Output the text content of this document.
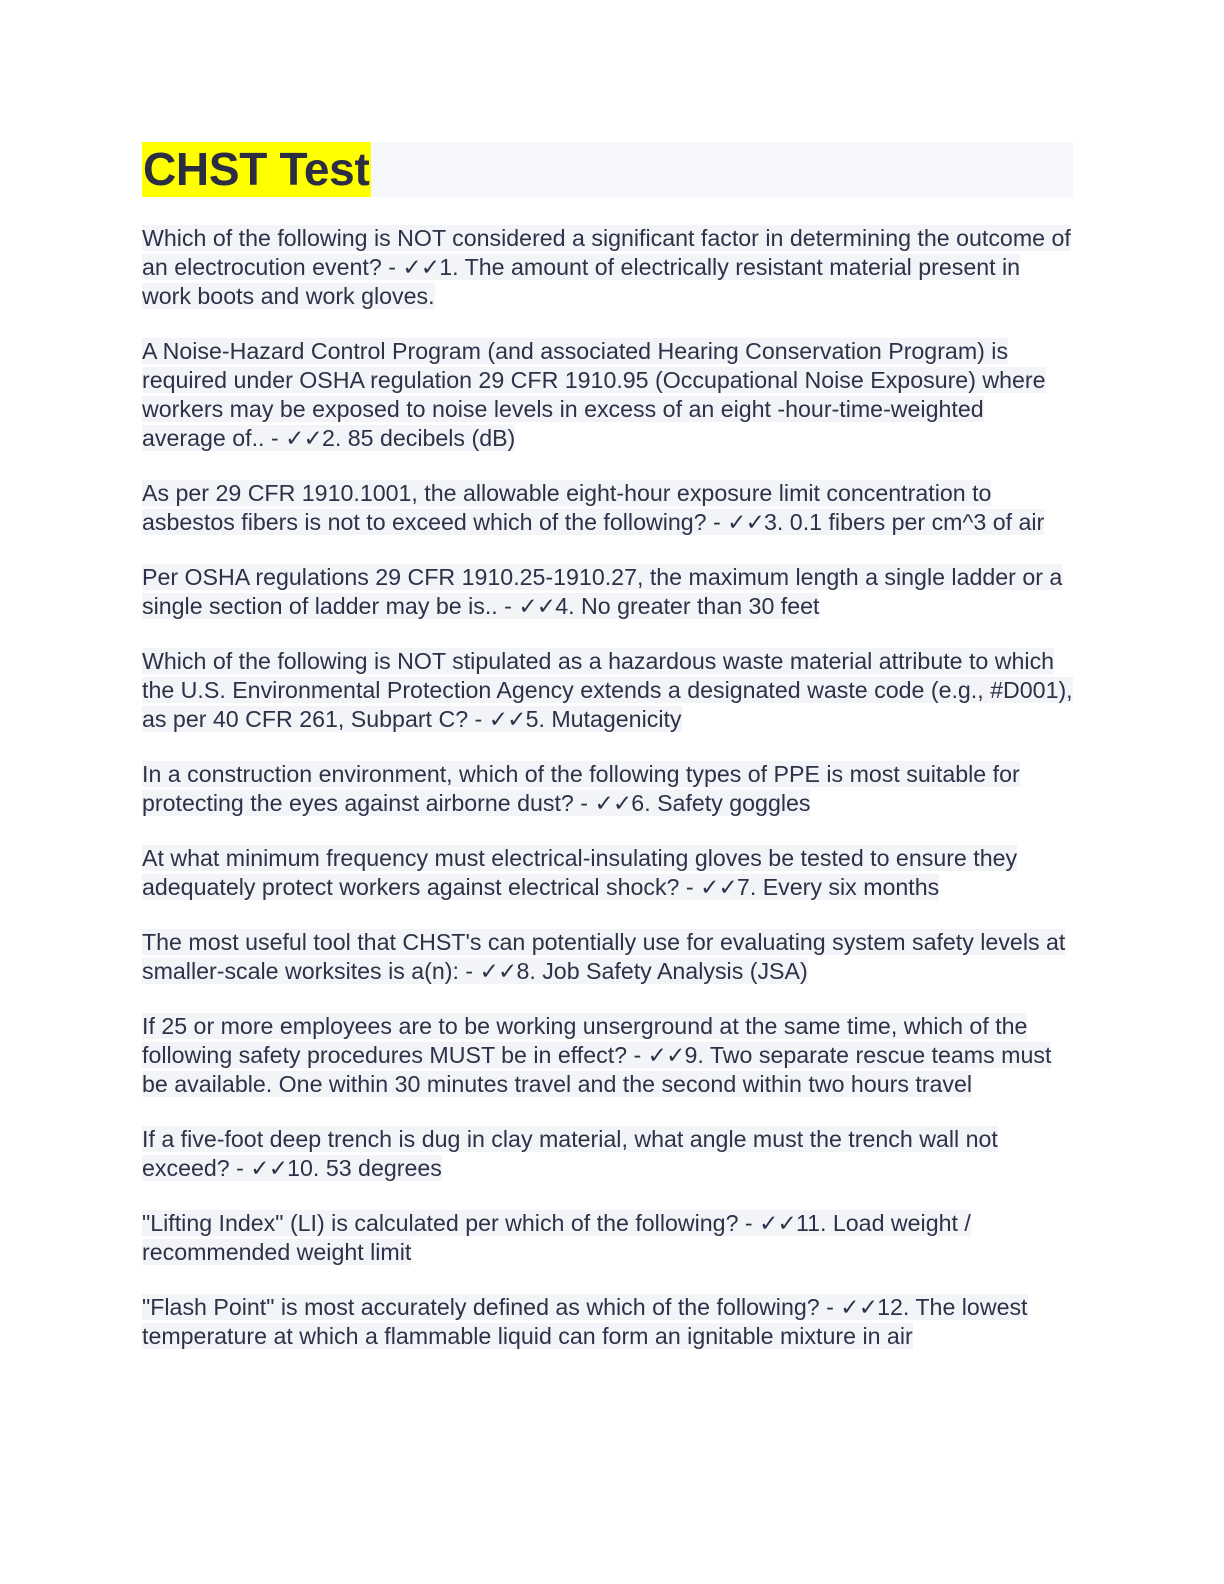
CHST Test

Which of the following is NOT considered a significant factor in determining the outcome of an electrocution event? - ✓✓1. The amount of electrically resistant material present in work boots and work gloves.

A Noise-Hazard Control Program (and associated Hearing Conservation Program) is required under OSHA regulation 29 CFR 1910.95 (Occupational Noise Exposure) where workers may be exposed to noise levels in excess of an eight -hour-time-weighted average of.. - ✓✓2. 85 decibels (dB)

As per 29 CFR 1910.1001, the allowable eight-hour exposure limit concentration to asbestos fibers is not to exceed which of the following? - ✓✓3. 0.1 fibers per cm^3 of air

Per OSHA regulations 29 CFR 1910.25-1910.27, the maximum length a single ladder or a single section of ladder may be is.. - ✓✓4. No greater than 30 feet

Which of the following is NOT stipulated as a hazardous waste material attribute to which the U.S. Environmental Protection Agency extends a designated waste code (e.g., #D001), as per 40 CFR 261, Subpart C? - ✓✓5. Mutagenicity

In a construction environment, which of the following types of PPE is most suitable for protecting the eyes against airborne dust? - ✓✓6. Safety goggles

At what minimum frequency must electrical-insulating gloves be tested to ensure they adequately protect workers against electrical shock? - ✓✓7. Every six months

The most useful tool that CHST's can potentially use for evaluating system safety levels at smaller-scale worksites is a(n): - ✓✓8. Job Safety Analysis (JSA)

If 25 or more employees are to be working unserground at the same time, which of the following safety procedures MUST be in effect? - ✓✓9. Two separate rescue teams must be available. One within 30 minutes travel and the second within two hours travel

If a five-foot deep trench is dug in clay material, what angle must the trench wall not exceed? - ✓✓10. 53 degrees

"Lifting Index" (LI) is calculated per which of the following? - ✓✓11. Load weight / recommended weight limit

"Flash Point" is most accurately defined as which of the following? - ✓✓12. The lowest temperature at which a flammable liquid can form an ignitable mixture in air
